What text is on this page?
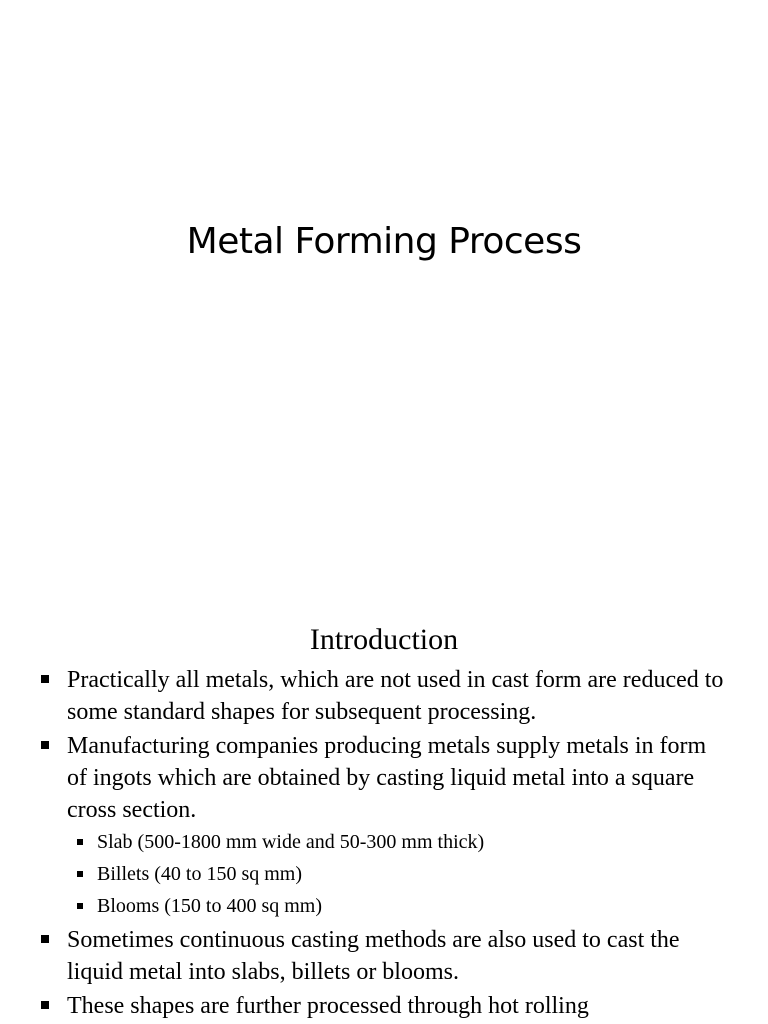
Metal Forming Process
Introduction
Practically all metals, which are not used in cast form are reduced to some standard shapes for subsequent processing.
Manufacturing companies producing metals supply metals in form of ingots which are obtained by casting liquid metal into a square cross section.
Slab (500-1800 mm wide and 50-300 mm thick)
Billets (40 to 150 sq mm)
Blooms (150 to 400 sq mm)
Sometimes continuous casting methods are also used to cast the liquid metal into slabs, billets or blooms.
These shapes are further processed through hot rolling
